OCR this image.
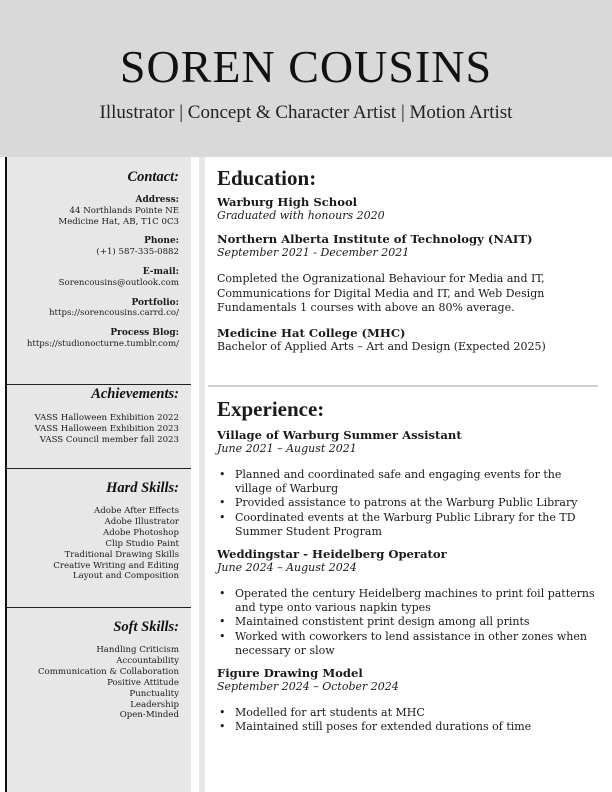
SOREN COUSINS
Illustrator | Concept & Character Artist | Motion Artist
Contact:
Address:
44 Northlands Pointe NE
Medicine Hat, AB, T1C 0C3
Phone:
(+1) 587-335-0882
E-mail:
Sorencousins@outlook.com
Portfolio:
https://sorencousins.carrd.co/
Process Blog:
https://studionocturne.tumblr.com/
Achievements:
VASS Halloween Exhibition 2022
VASS Halloween Exhibition 2023
VASS Council member fall 2023
Hard Skills:
Adobe After Effects
Adobe Illustrator
Adobe Photoshop
Clip Studio Paint
Traditional Drawing Skills
Creative Writing and Editing
Layout and Composition
Soft Skills:
Handling Criticism
Accountability
Communication & Collaboration
Positive Attitude
Punctuality
Leadership
Open-Minded
Education:
Warburg High School
Graduated with honours 2020
Northern Alberta Institute of Technology (NAIT)
September 2021 - December 2021
Completed the Ogranizational Behaviour for Media and IT, Communications for Digital Media and IT, and Web Design Fundamentals 1 courses with above an 80% average.
Medicine Hat College (MHC)
Bachelor of Applied Arts – Art and Design (Expected 2025)
Experience:
Village of Warburg Summer Assistant
June 2021 – August 2021
• Planned and coordinated safe and engaging events for the village of Warburg
• Provided assistance to patrons at the Warburg Public Library
• Coordinated events at the Warburg Public Library for the TD Summer Student Program
Weddingstar - Heidelberg Operator
June 2024 – August 2024
• Operated the century Heidelberg machines to print foil patterns and type onto various napkin types
• Maintained constistent print design among all prints
• Worked with coworkers to lend assistance in other zones when necessary or slow
Figure Drawing Model
September 2024 – October 2024
• Modelled for art students at MHC
• Maintained still poses for extended durations of time
